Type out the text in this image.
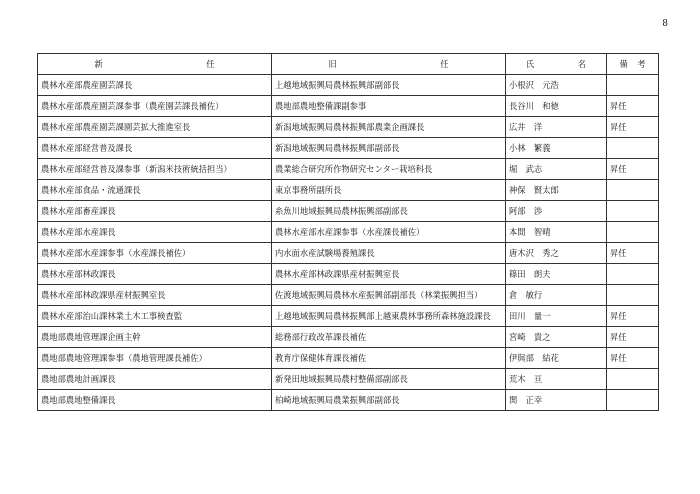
8
新　　　　　任	旧　　　　　任	氏　　　名	備　考
農林水産部農産園芸課長	上越地域振興局農林振興部副部長	小根沢　元浩	
農林水産部農産園芸課参事（農産園芸課長補佐）	農地部農地整備課副参事	長谷川　和徳	昇任
農林水産部農産園芸課園芸拡大推進室長	新潟地域振興局農林振興部農業企画課長	広井　洋	昇任
農林水産部経営普及課長	新潟地域振興局農林振興部副部長	小林　繁義	
農林水産部経営普及課参事（新潟米技術統括担当）	農業総合研究所作物研究センター栽培科長	堀　武志	昇任
農林水産部食品・流通課長	東京事務所副所長	神保　賢太郎	
農林水産部畜産課長	糸魚川地域振興局農林振興部副部長	阿部　渉	
農林水産部水産課長	農林水産部水産課参事（水産課長補佐）	本間　智晴	
農林水産部水産課参事（水産課長補佐）	内水面水産試験場養殖課長	唐木沢　秀之	昇任
農林水産部林政課長	農林水産部林政課県産材振興室長	篠田　朗夫	
農林水産部林政課県産材振興室長	佐渡地域振興局農林水産振興部副部長（林業振興担当）	倉　敏行	
農林水産部治山課林業土木工事検査監	上越地域振興局農林振興部上越東農林事務所森林施設課長	田川　量一	昇任
農地部農地管理課企画主幹	総務部行政改革課長補佐	宮崎　貴之	昇任
農地部農地管理課参事（農地管理課長補佐）	教育庁保健体育課長補佐	伊與部　結花	昇任
農地部農地計画課長	新発田地域振興局農村整備部副部長	荒木　亘	
農地部農地整備課長	柏崎地域振興局農業振興部副部長	関　正幸	
